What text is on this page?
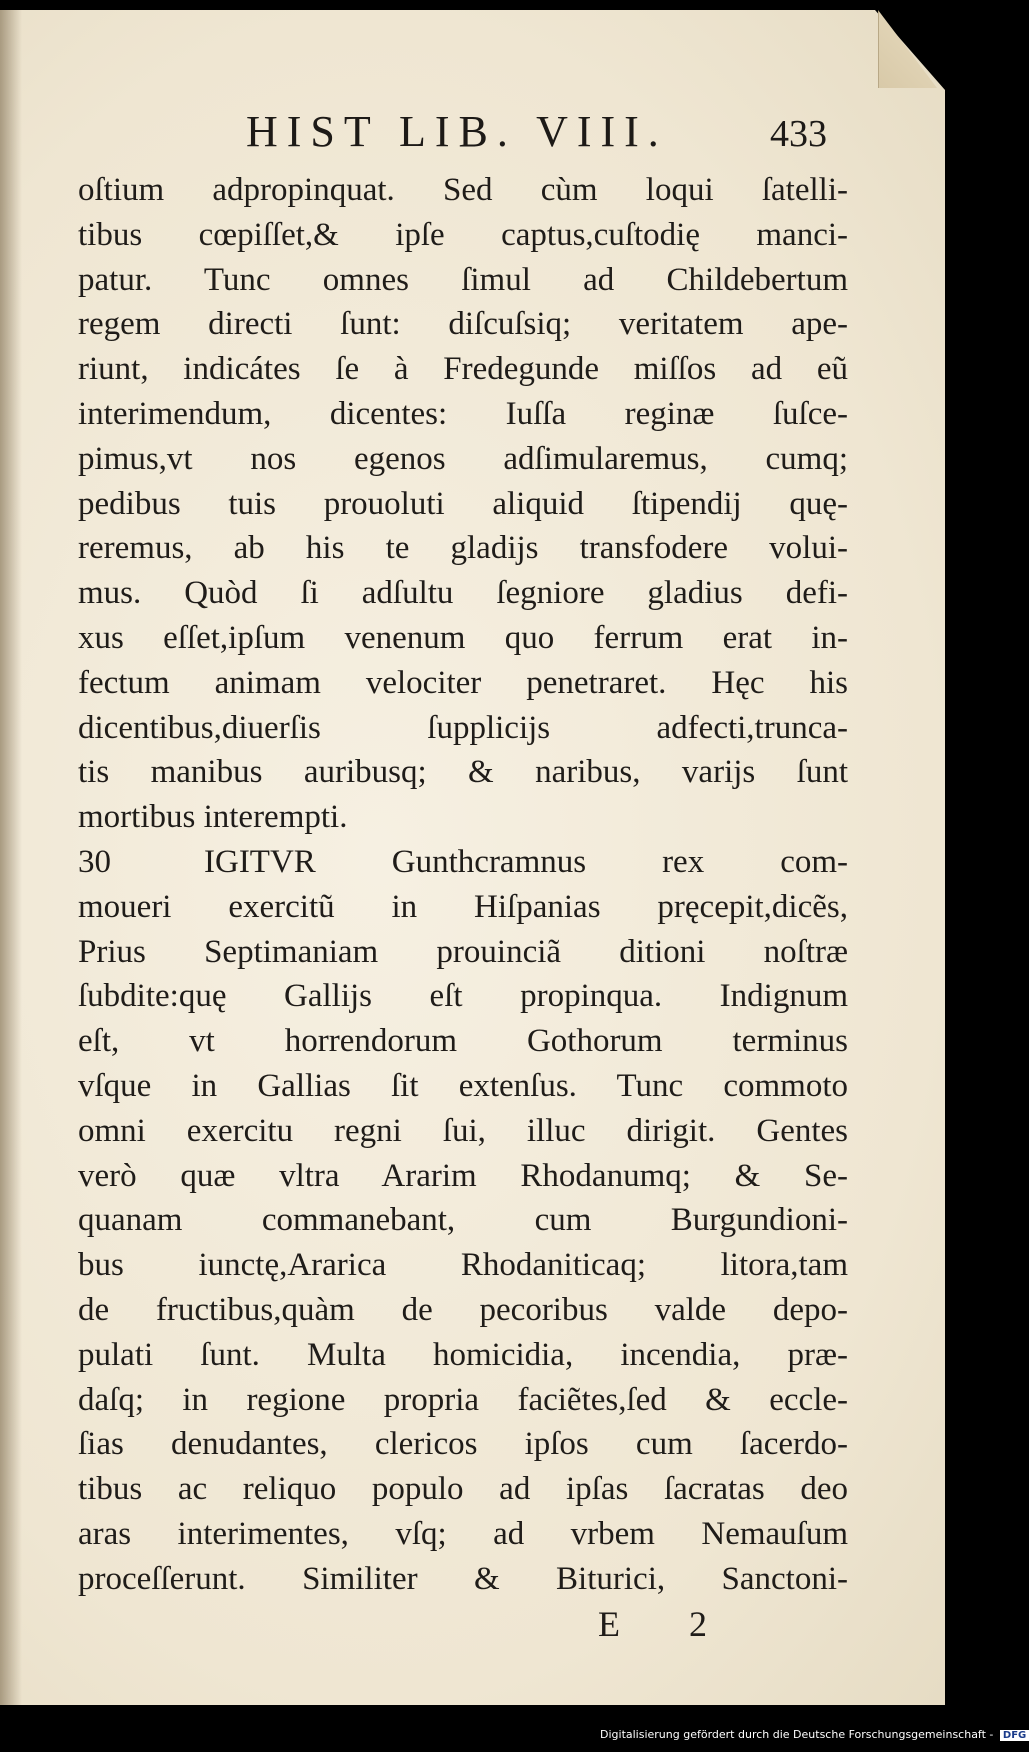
HIST LIB. VIII.	433
oſtium adpropinquat. Sed cùm loqui ſatelli-
tibus cœpiſſet,& ipſe captus,cuſtodię manci-
patur. Tunc omnes ſimul ad Childebertum
regem directi ſunt: diſcuſsiq; veritatem ape-
riunt, indicátes ſe à Fredegunde miſſos ad eũ
interimendum, dicentes: Iuſſa reginæ ſuſce-
pimus,vt nos egenos adſimularemus, cumq;
pedibus tuis prouoluti aliquid ſtipendij quę-
reremus, ab his te gladijs transfodere volui-
mus. Quòd ſi adſultu ſegniore gladius defi-
xus eſſet,ipſum venenum quo ferrum erat in-
fectum animam velociter penetraret. Hęc his
dicentibus,diuerſis ſupplicijs adfecti,trunca-
tis manibus auribusq; & naribus, varijs ſunt
mortibus interempti.
IGITVR Gunthcramnus rex com-
moueri exercitũ in Hiſpanias pręcepit,dicẽs,
Prius Septimaniam prouinciã ditioni noſtræ
ſubdite:quę Gallijs eſt propinqua. Indignum
eſt, vt horrendorum Gothorum terminus
vſque in Gallias ſit extenſus. Tunc commoto
omni exercitu regni ſui, illuc dirigit. Gentes
verò quæ vltra Ararim Rhodanumq; & Se-
quanam commanebant, cum Burgundioni-
bus iunctę,Ararica Rhodaniticaq; litora,tam
de fructibus,quàm de pecoribus valde depo-
pulati ſunt. Multa homicidia, incendia, præ-
daſq; in regione propria faciẽtes,ſed & eccle-
ſias denudantes, clericos ipſos cum ſacerdo-
tibus ac reliquo populo ad ipſas ſacratas deo
aras interimentes, vſq; ad vrbem Nemauſum
proceſſerunt. Similiter & Biturici, Sanctoni-
30
E 2
Digitalisierung gefördert durch die Deutsche Forschungsgemeinschaft - DFG
